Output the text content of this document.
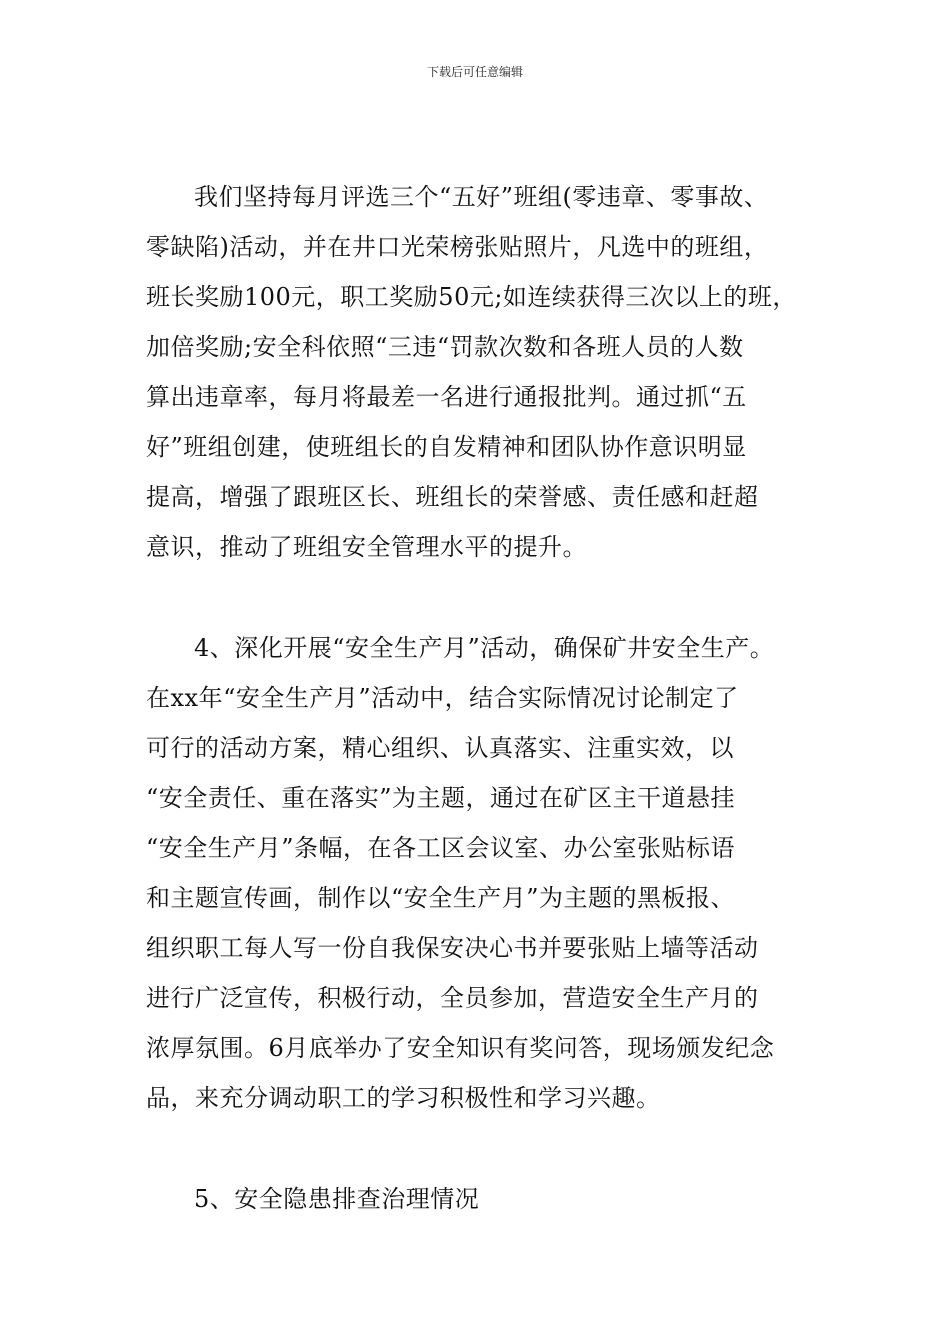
下载后可任意编辑
我们坚持每月评选三个“五好”班组(零违章、零事故、
零缺陷)活动，并在井口光荣榜张贴照片，凡选中的班组，
班长奖励100元，职工奖励50元;如连续获得三次以上的班，
加倍奖励;安全科依照“三违“罚款次数和各班人员的人数
算出违章率，每月将最差一名进行通报批判。通过抓“五
好”班组创建，使班组长的自发精神和团队协作意识明显
提高，增强了跟班区长、班组长的荣誉感、责任感和赶超
意识，推动了班组安全管理水平的提升。
4、深化开展“安全生产月”活动，确保矿井安全生产。
在xx年“安全生产月”活动中，结合实际情况讨论制定了
可行的活动方案，精心组织、认真落实、注重实效，以
“安全责任、重在落实”为主题，通过在矿区主干道悬挂
“安全生产月”条幅，在各工区会议室、办公室张贴标语
和主题宣传画，制作以“安全生产月”为主题的黑板报、
组织职工每人写一份自我保安决心书并要张贴上墙等活动
进行广泛宣传，积极行动，全员参加，营造安全生产月的
浓厚氛围。6月底举办了安全知识有奖问答，现场颁发纪念
品，来充分调动职工的学习积极性和学习兴趣。
5、安全隐患排查治理情况
